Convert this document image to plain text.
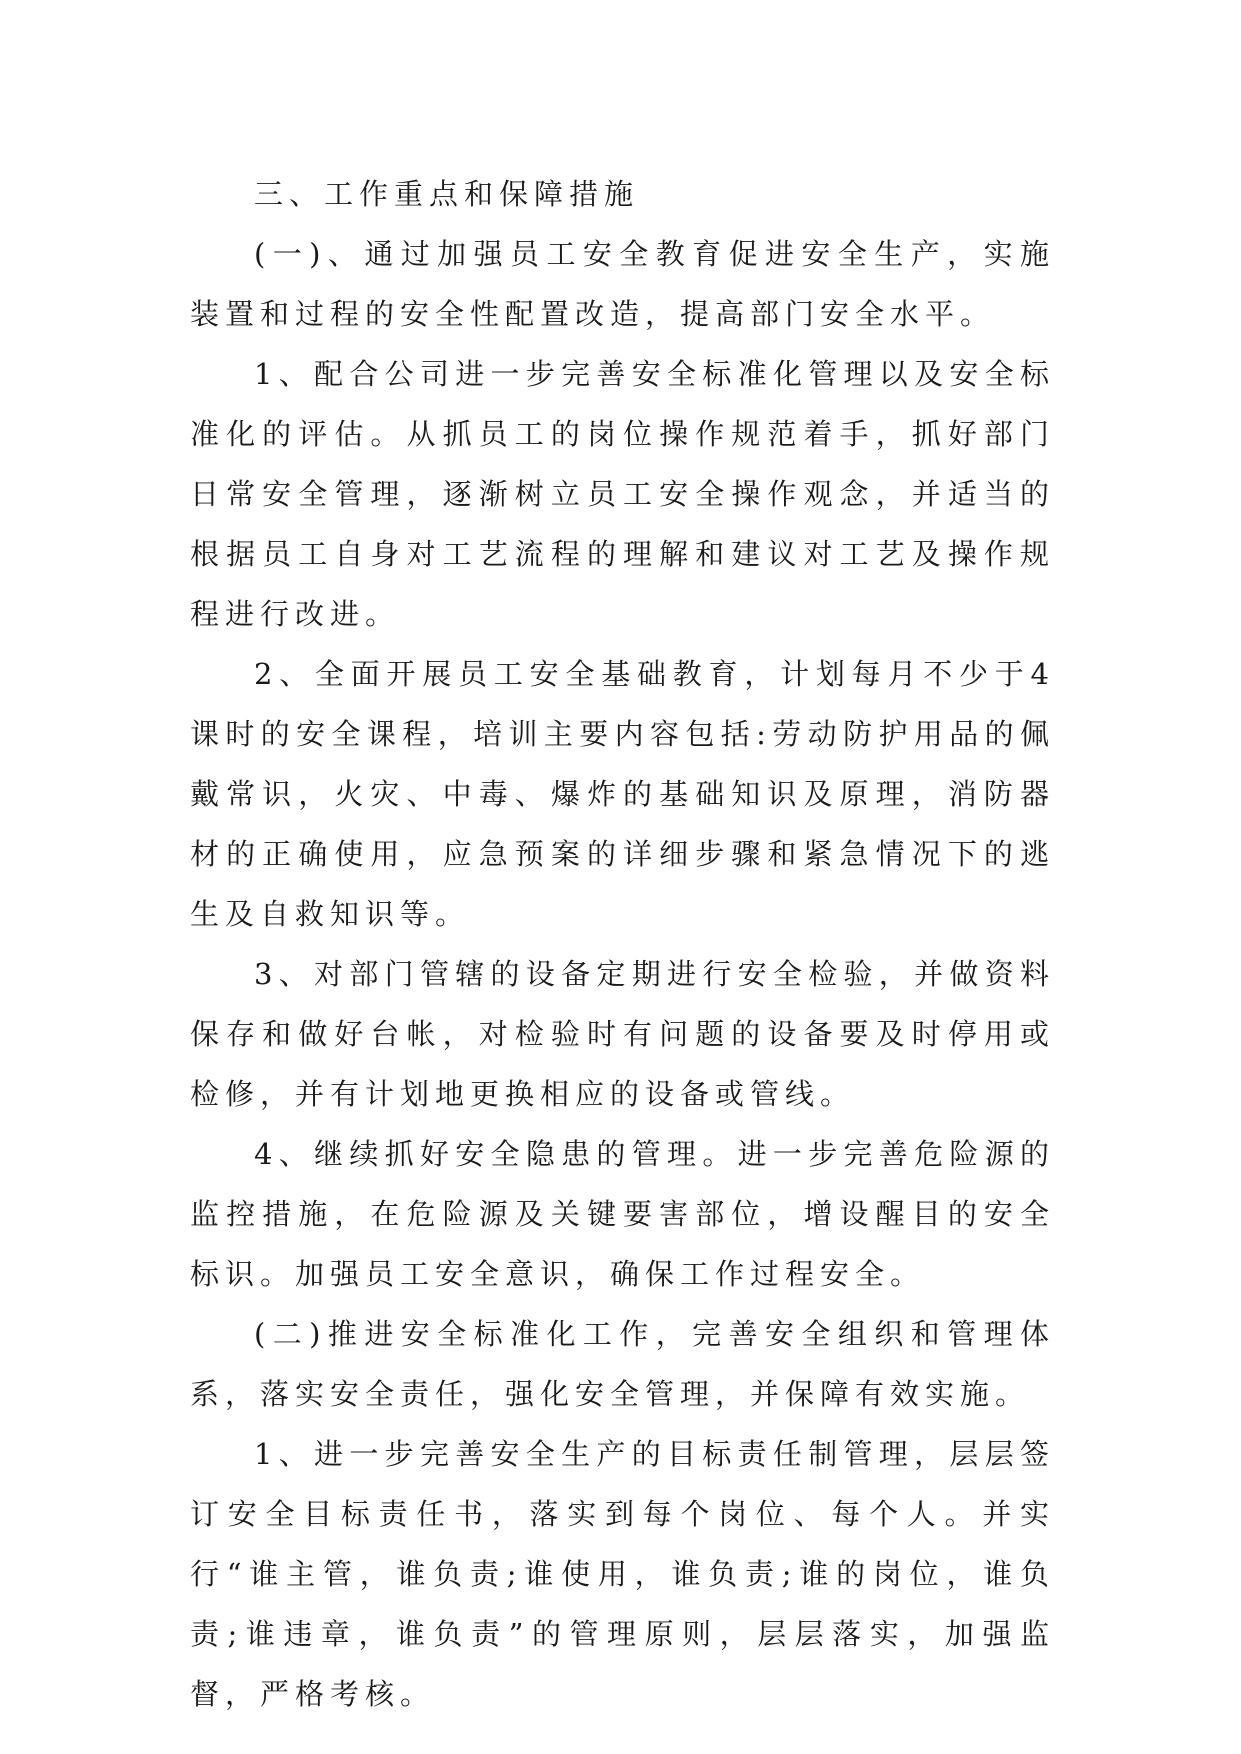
三、工作重点和保障措施

(一)、通过加强员工安全教育促进安全生产，实施装置和过程的安全性配置改造，提高部门安全水平。

1、配合公司进一步完善安全标准化管理以及安全标准化的评估。从抓员工的岗位操作规范着手，抓好部门日常安全管理，逐渐树立员工安全操作观念，并适当的根据员工自身对工艺流程的理解和建议对工艺及操作规程进行改进。

2、全面开展员工安全基础教育，计划每月不少于4课时的安全课程，培训主要内容包括:劳动防护用品的佩戴常识，火灾、中毒、爆炸的基础知识及原理，消防器材的正确使用，应急预案的详细步骤和紧急情况下的逃生及自救知识等。

3、对部门管辖的设备定期进行安全检验，并做资料保存和做好台帐，对检验时有问题的设备要及时停用或检修，并有计划地更换相应的设备或管线。

4、继续抓好安全隐患的管理。进一步完善危险源的监控措施，在危险源及关键要害部位，增设醒目的安全标识。加强员工安全意识，确保工作过程安全。

(二)推进安全标准化工作，完善安全组织和管理体系，落实安全责任，强化安全管理，并保障有效实施。

1、进一步完善安全生产的目标责任制管理，层层签订安全目标责任书，落实到每个岗位、每个人。并实行“谁主管，谁负责;谁使用，谁负责;谁的岗位，谁负责;谁违章，谁负责”的管理原则，层层落实，加强监督，严格考核。
